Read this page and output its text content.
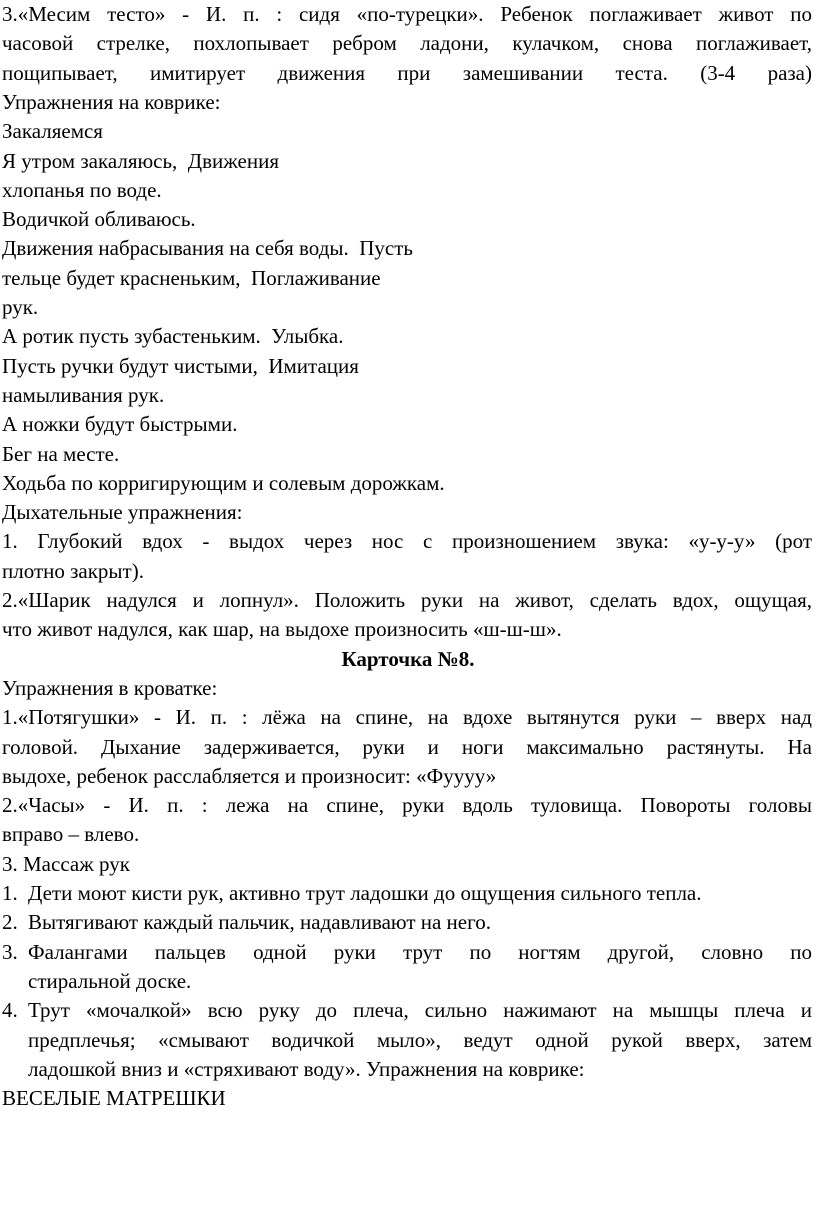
3.«Месим тесто» - И. п. : сидя «по-турецки». Ребенок поглаживает живот по
часовой стрелке, похлопывает ребром ладони, кулачком, снова поглаживает,
пощипывает, имитирует движения при замешивании теста. (3-4 раза)
Упражнения на коврике:
Закаляемся
Я утром закаляюсь,  Движения
хлопанья по воде.
Водичкой обливаюсь.
Движения набрасывания на себя воды.  Пусть
тельце будет красненьким,  Поглаживание
рук.
А ротик пусть зубастеньким.  Улыбка.
Пусть ручки будут чистыми,  Имитация
намыливания рук.
А ножки будут быстрыми.
Бег на месте.
Ходьба по корригирующим и солевым дорожкам.
Дыхательные упражнения:
1. Глубокий вдох - выдох через нос с произношением звука: «у-у-у» (рот
плотно закрыт).
2.«Шарик надулся и лопнул». Положить руки на живот, сделать вдох, ощущая,
что живот надулся, как шар, на выдохе произносить «ш-ш-ш».
Карточка №8.
Упражнения в кроватке:
1.«Потягушки» - И. п. : лёжа на спине, на вдохе вытянутся руки – вверх над
головой. Дыхание задерживается, руки и ноги максимально растянуты. На
выдохе, ребенок расслабляется и произносит: «Фуууу»
2.«Часы» - И. п. : лежа на спине, руки вдоль туловища. Повороты головы
вправо – влево.
3. Массаж рук
1. Дети моют кисти рук, активно трут ладошки до ощущения сильного тепла.
2. Вытягивают каждый пальчик, надавливают на него.
3. Фалангами пальцев одной руки трут по ногтям другой, словно по
стиральной доске.
4. Трут «мочалкой» всю руку до плеча, сильно нажимают на мышцы плеча и
предплечья; «смывают водичкой мыло», ведут одной рукой вверх, затем
ладошкой вниз и «стряхивают воду». Упражнения на коврике:
ВЕСЕЛЫЕ МАТРЕШКИ
